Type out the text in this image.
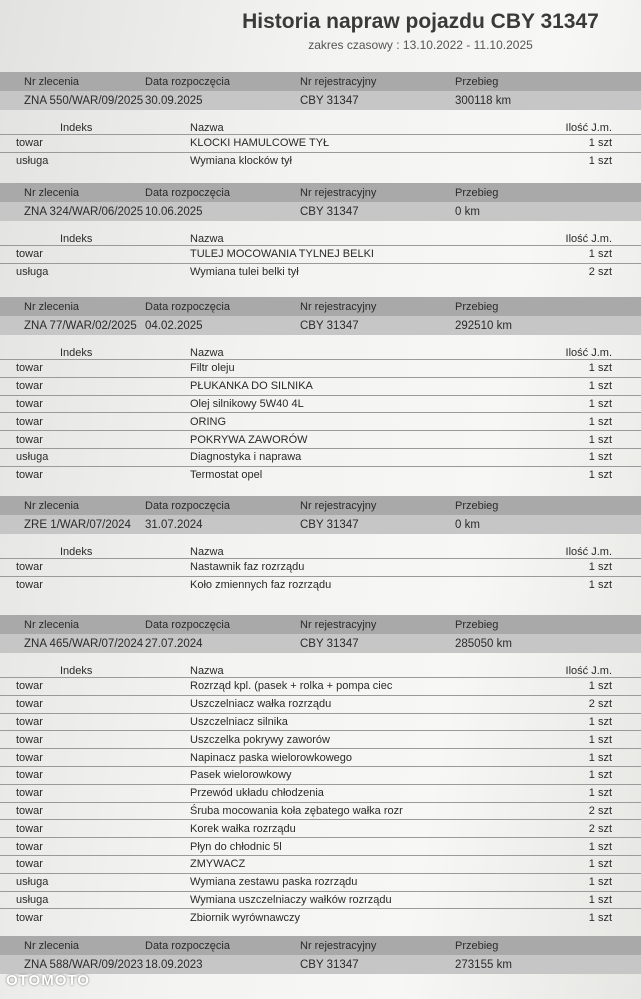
Historia napraw pojazdu CBY 31347
zakres czasowy : 13.10.2022 - 11.10.2025
Nr zlecenia	Data rozpoczęcia	Nr rejestracyjny	Przebieg
ZNA 550/WAR/09/2025 30.09.2025	CBY 31347	300118 km
Indeks	Nazwa	Ilość J.m.
towar	KLOCKI HAMULCOWE TYŁ	1 szt
usługa	Wymiana klocków tył	1 szt
Nr zlecenia	Data rozpoczęcia	Nr rejestracyjny	Przebieg
ZNA 324/WAR/06/2025 10.06.2025	CBY 31347	0 km
Indeks	Nazwa	Ilość J.m.
towar	TULEJ MOCOWANIA TYLNEJ BELKI	1 szt
usługa	Wymiana tulei belki tył	2 szt
Nr zlecenia	Data rozpoczęcia	Nr rejestracyjny	Przebieg
ZNA 77/WAR/02/2025 04.02.2025	CBY 31347	292510 km
Indeks	Nazwa	Ilość J.m.
towar	Filtr oleju	1 szt
towar	PŁUKANKA DO SILNIKA	1 szt
towar	Olej silnikowy 5W40 4L	1 szt
towar	ORING	1 szt
towar	POKRYWA ZAWORÓW	1 szt
usługa	Diagnostyka i naprawa	1 szt
towar	Termostat opel	1 szt
Nr zlecenia	Data rozpoczęcia	Nr rejestracyjny	Przebieg
ZRE 1/WAR/07/2024	31.07.2024	CBY 31347	0 km
Indeks	Nazwa	Ilość J.m.
towar	Nastawnik faz rozrządu	1 szt
towar	Koło zmiennych faz rozrządu	1 szt
Nr zlecenia	Data rozpoczęcia	Nr rejestracyjny	Przebieg
ZNA 465/WAR/07/2024 27.07.2024	CBY 31347	285050 km
Indeks	Nazwa	Ilość J.m.
towar	Rozrząd kpl. (pasek + rolka + pompa ciec	1 szt
towar	Uszczelniacz wałka rozrządu	2 szt
towar	Uszczelniacz silnika	1 szt
towar	Uszczelka pokrywy zaworów	1 szt
towar	Napinacz paska wielorowkowego	1 szt
towar	Pasek wielorowkowy	1 szt
towar	Przewód układu chłodzenia	1 szt
towar	Śruba mocowania koła zębatego wałka rozr	2 szt
towar	Korek wałka rozrządu	2 szt
towar	Płyn do chłodnic 5l	1 szt
towar	ZMYWACZ	1 szt
usługa	Wymiana zestawu paska rozrządu	1 szt
usługa	Wymiana uszczelniaczy wałków rozrządu	1 szt
towar	Zbiornik wyrównawczy	1 szt
Nr zlecenia	Data rozpoczęcia	Nr rejestracyjny	Przebieg
ZNA 588/WAR/09/2023 18.09.2023	CBY 31347	273155 km
OTOMOTO
